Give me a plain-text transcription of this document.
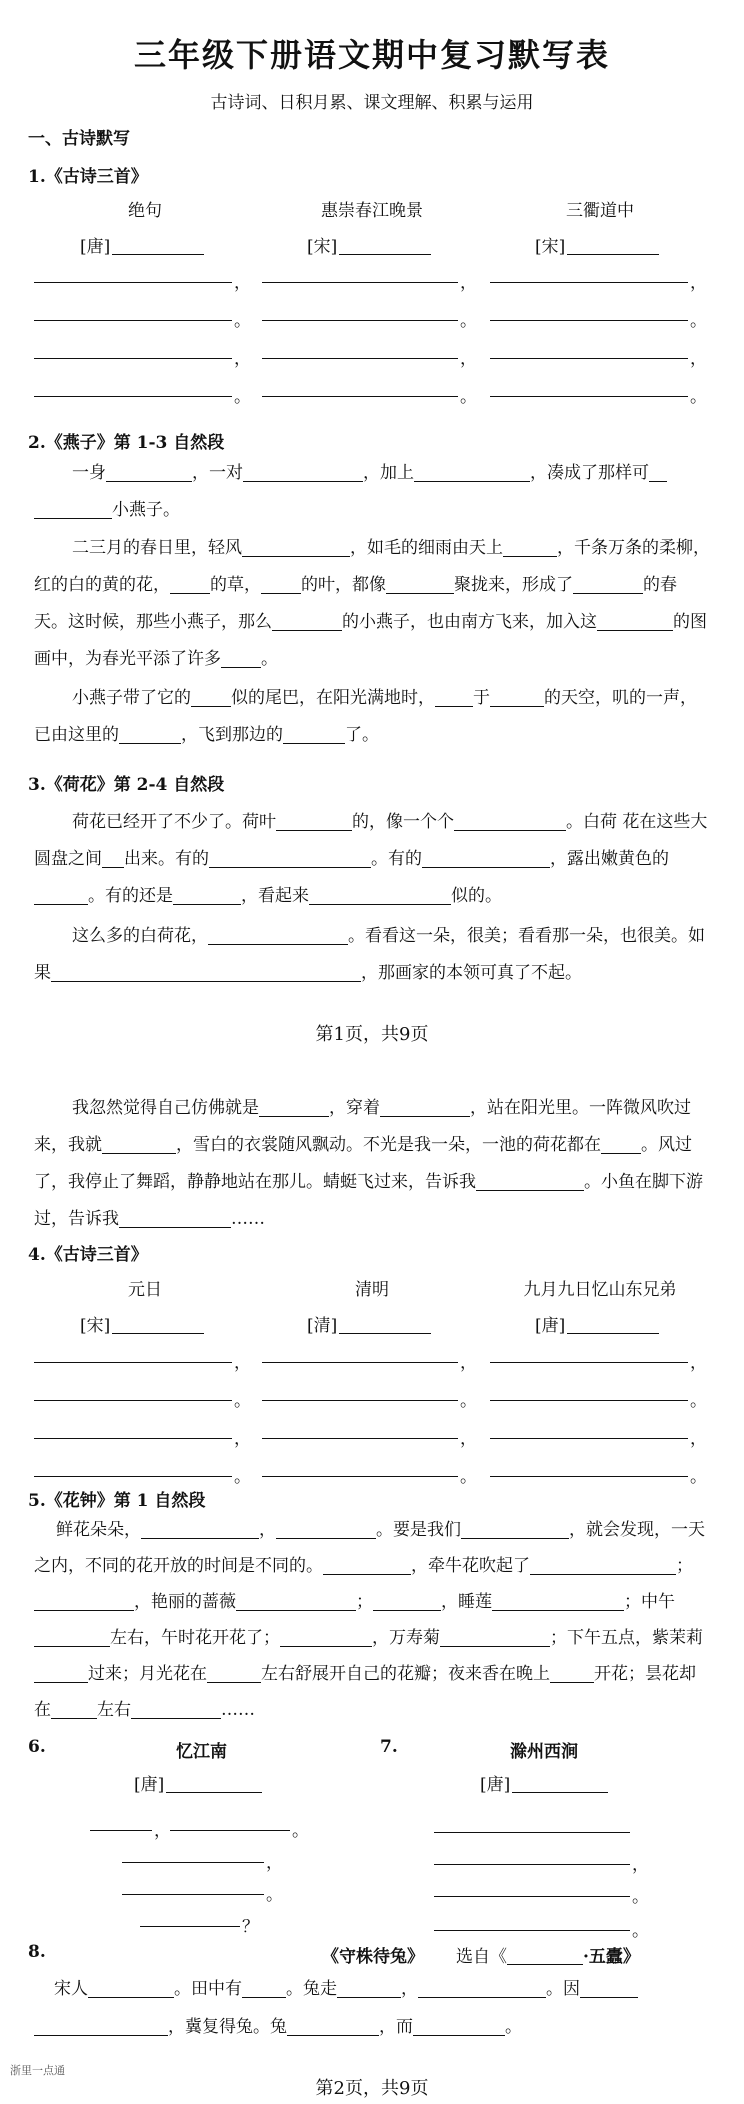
三年级下册语文期中复习默写表
古诗词、日积月累、课文理解、积累与运用
一、古诗默写
1.《古诗三首》
绝句	惠崇春江晚景	三衢道中
[唐]	[宋]	[宋]
，	，	，
。	。	。
，	，	，
。	。	。
2.《燕子》第 1-3 自然段
一身	，一对	，加上	，凑成了那样可小燕子。
二三月的春日里，轻风	，如毛的细雨由天上	，千条万条的柔柳，红的白的黄的花， 的草， 的叶，都像	聚拢来，形成了	的春天。这时候，那些小燕子，那么	的小燕子，也由南方飞来，加入这	的图画中，为春光平添了许多 。
小燕子带了它的 似的尾巴，在阳光满地时， 于	的天空，叽的一声，已由这里的	，飞到那边的	了。
3.《荷花》第 2-4 自然段
荷花已经开了不少了。荷叶	的，像一个个	。白荷 花在这些大圆盘之间 出来。有的	。有的	，露出嫩黄色的。有的还是	，看起来	似的。
这么多的白荷花，	。看看这一朵，很美；看看那一朵，也很美。如果	，那画家的本领可真了不起。
第1页，共9页
我忽然觉得自己仿佛就是	，穿着	，站在阳光里。一阵微风吹过来，我就	，雪白的衣裳随风飘动。不光是我一朵，一池的荷花都在 。风过了，我停止了舞蹈，静静地站在那儿。蜻蜓飞过来，告诉我	。小鱼在脚下游过，告诉我	……
4.《古诗三首》
元日	清明	九月九日忆山东兄弟
[宋]	[清]	[唐]
，	，	，
。	。	。
，	，	，
。	。	。
5.《花钟》第 1 自然段
鲜花朵朵，	，	。要是我们	，就会发现，一天之内，不同的花开放的时间是不同的。	，牵牛花吹起了	；，艳丽的蔷薇	；	，睡莲	；中午左右，午时花开花了；	，万寿菊	；下午五点，紫茉莉过来；月光花在	左右舒展开自己的花瓣；夜来香在晚上	开花；昙花却在	左右	……
6.	忆江南
[唐]
，	。
，
。
？
7.	滁州西涧
[唐]
，
。
。
8.	《守株待兔》 选自《	·五蠹》
宋人	。田中有	。兔走	，	。因，冀复得兔。兔	，而	。
浙里一点通
第2页，共9页
